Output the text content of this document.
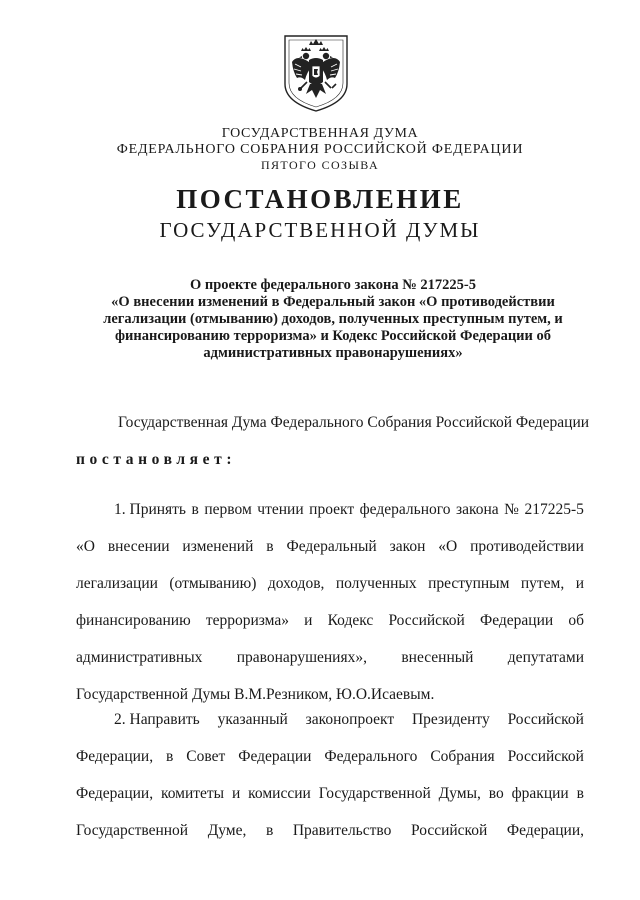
ГОСУДАРСТВЕННАЯ ДУМА
ФЕДЕРАЛЬНОГО СОБРАНИЯ РОССИЙСКОЙ ФЕДЕРАЦИИ
ПЯТОГО СОЗЫВА
ПОСТАНОВЛЕНИЕ
ГОСУДАРСТВЕННОЙ ДУМЫ
О проекте федерального закона № 217225-5
«О внесении изменений в Федеральный закон «О противодействии
легализации (отмыванию) доходов, полученных преступным путем, и
финансированию терроризма» и Кодекс Российской Федерации об
административных правонарушениях»
Государственная Дума Федерального Собрания Российской Федерации
постановляет:
1. Принять в первом чтении проект федерального закона № 217225-5
«О внесении изменений в Федеральный закон «О противодействии
легализации (отмыванию) доходов, полученных преступным путем, и
финансированию терроризма» и Кодекс Российской Федерации об
административных правонарушениях», внесенный депутатами
Государственной Думы В.М.Резником, Ю.О.Исаевым.
2. Направить указанный законопроект Президенту Российской
Федерации, в Совет Федерации Федерального Собрания Российской
Федерации, комитеты и комиссии Государственной Думы, во фракции в
Государственной Думе, в Правительство Российской Федерации,
